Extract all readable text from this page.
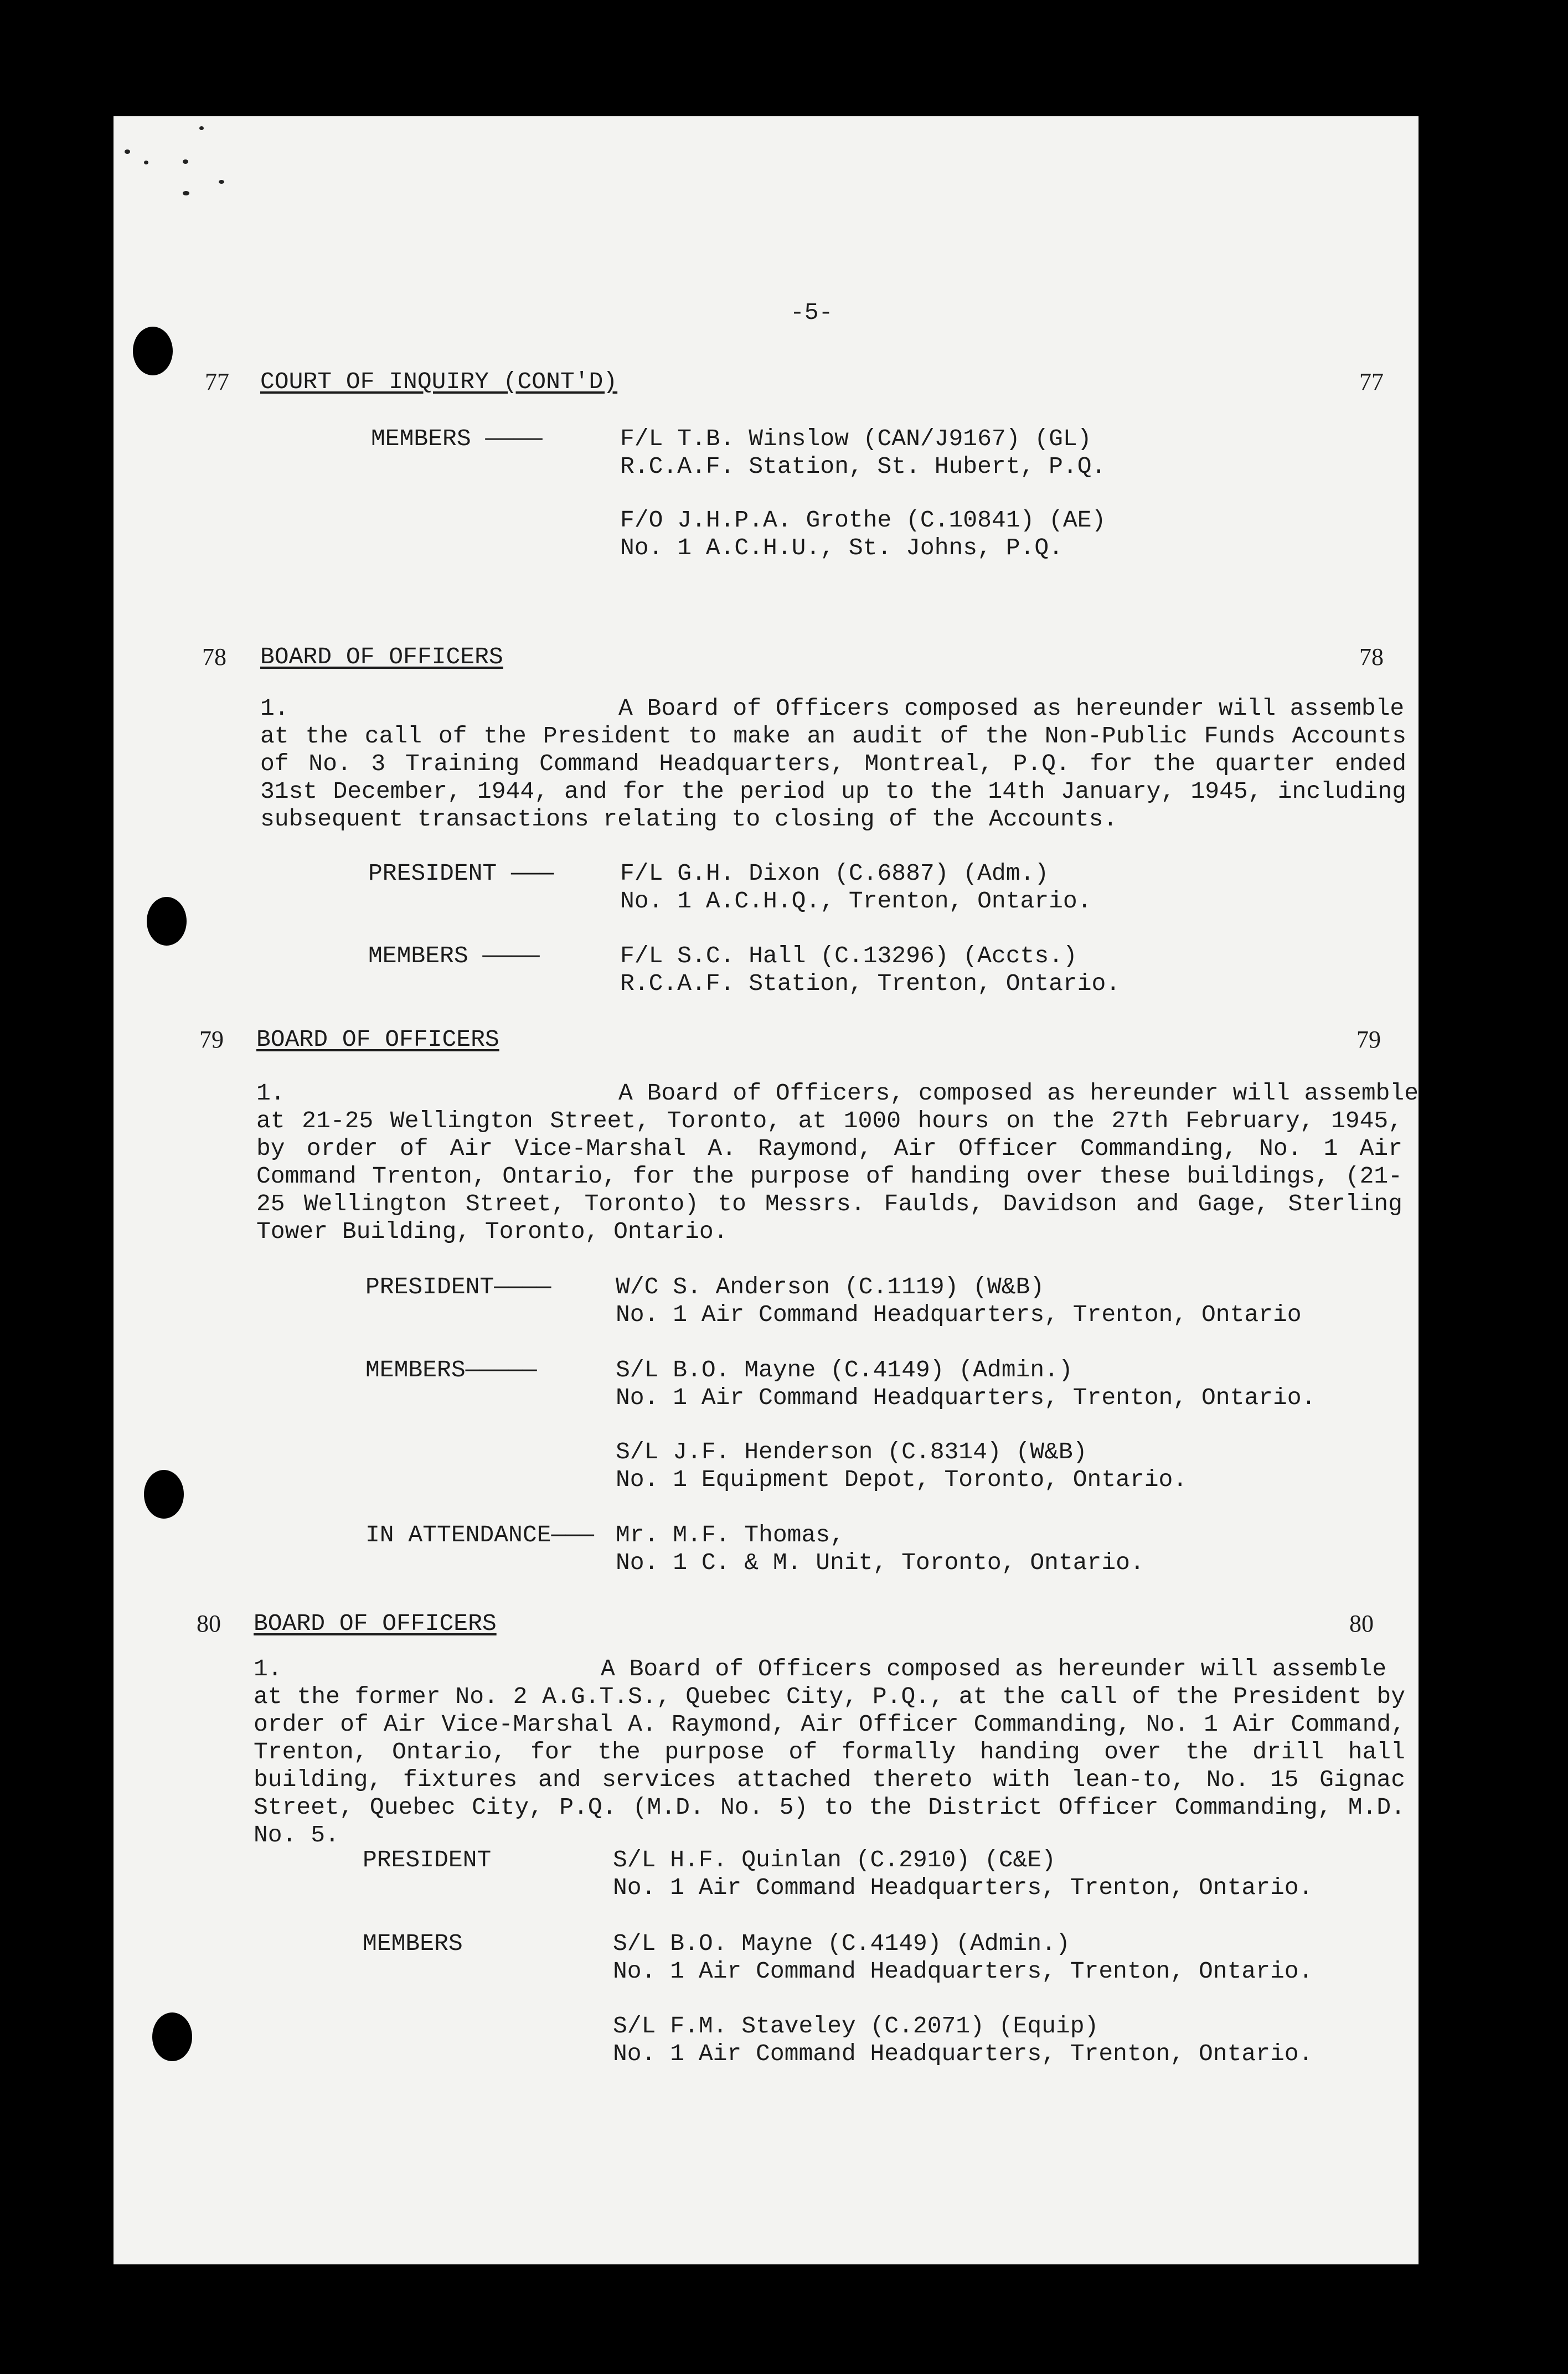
-5-
77 COURT OF INQUIRY (CONT'D)	77
MEMBERS ————	F/L T.B. Winslow (CAN/J9167) (GL)
R.C.A.F. Station, St. Hubert, P.Q.
F/O J.H.P.A. Grothe (C.10841) (AE)
No. 1 A.C.H.U., St. Johns, P.Q.
78 BOARD OF OFFICERS	78
1.	A Board of Officers composed as hereunder will assemble
at the call of the President to make an audit of the Non-Public Funds Accounts of No. 3 Training Command Headquarters, Montreal, P.Q. for the quarter ended 31st December, 1944, and for the period up to the 14th January, 1945, including subsequent transactions relating to closing of the Accounts.
PRESIDENT ———	F/L G.H. Dixon (C.6887) (Adm.)
No. 1 A.C.H.Q., Trenton, Ontario.
MEMBERS ————	F/L S.C. Hall (C.13296) (Accts.)
R.C.A.F. Station, Trenton, Ontario.
79 BOARD OF OFFICERS	79
1.	A Board of Officers, composed as hereunder will assemble
at 21-25 Wellington Street, Toronto, at 1000 hours on the 27th February, 1945, by order of Air Vice-Marshal A. Raymond, Air Officer Commanding, No. 1 Air Command Trenton, Ontario, for the purpose of handing over these buildings, (21-25 Wellington Street, Toronto) to Messrs. Faulds, Davidson and Gage, Sterling Tower Building, Toronto, Ontario.
PRESIDENT————	W/C S. Anderson (C.1119) (W&B)
No. 1 Air Command Headquarters, Trenton, Ontario
MEMBERS—————	S/L B.O. Mayne (C.4149) (Admin.)
No. 1 Air Command Headquarters, Trenton, Ontario.
S/L J.F. Henderson (C.8314) (W&B)
No. 1 Equipment Depot, Toronto, Ontario.
IN ATTENDANCE——— Mr. M.F. Thomas,
No. 1 C. & M. Unit, Toronto, Ontario.
80 BOARD OF OFFICERS	80
1.	A Board of Officers composed as hereunder will assemble
at the former No. 2 A.G.T.S., Quebec City, P.Q., at the call of the President by order of Air Vice-Marshal A. Raymond, Air Officer Commanding, No. 1 Air Command, Trenton, Ontario, for the purpose of formally handing over the drill hall building, fixtures and services attached thereto with lean-to, No. 15 Gignac Street, Quebec City, P.Q. (M.D. No. 5) to the District Officer Commanding, M.D. No. 5.
PRESIDENT	S/L H.F. Quinlan (C.2910) (C&E)
No. 1 Air Command Headquarters, Trenton, Ontario.
MEMBERS	S/L B.O. Mayne (C.4149) (Admin.)
No. 1 Air Command Headquarters, Trenton, Ontario.
S/L F.M. Staveley (C.2071) (Equip)
No. 1 Air Command Headquarters, Trenton, Ontario.
